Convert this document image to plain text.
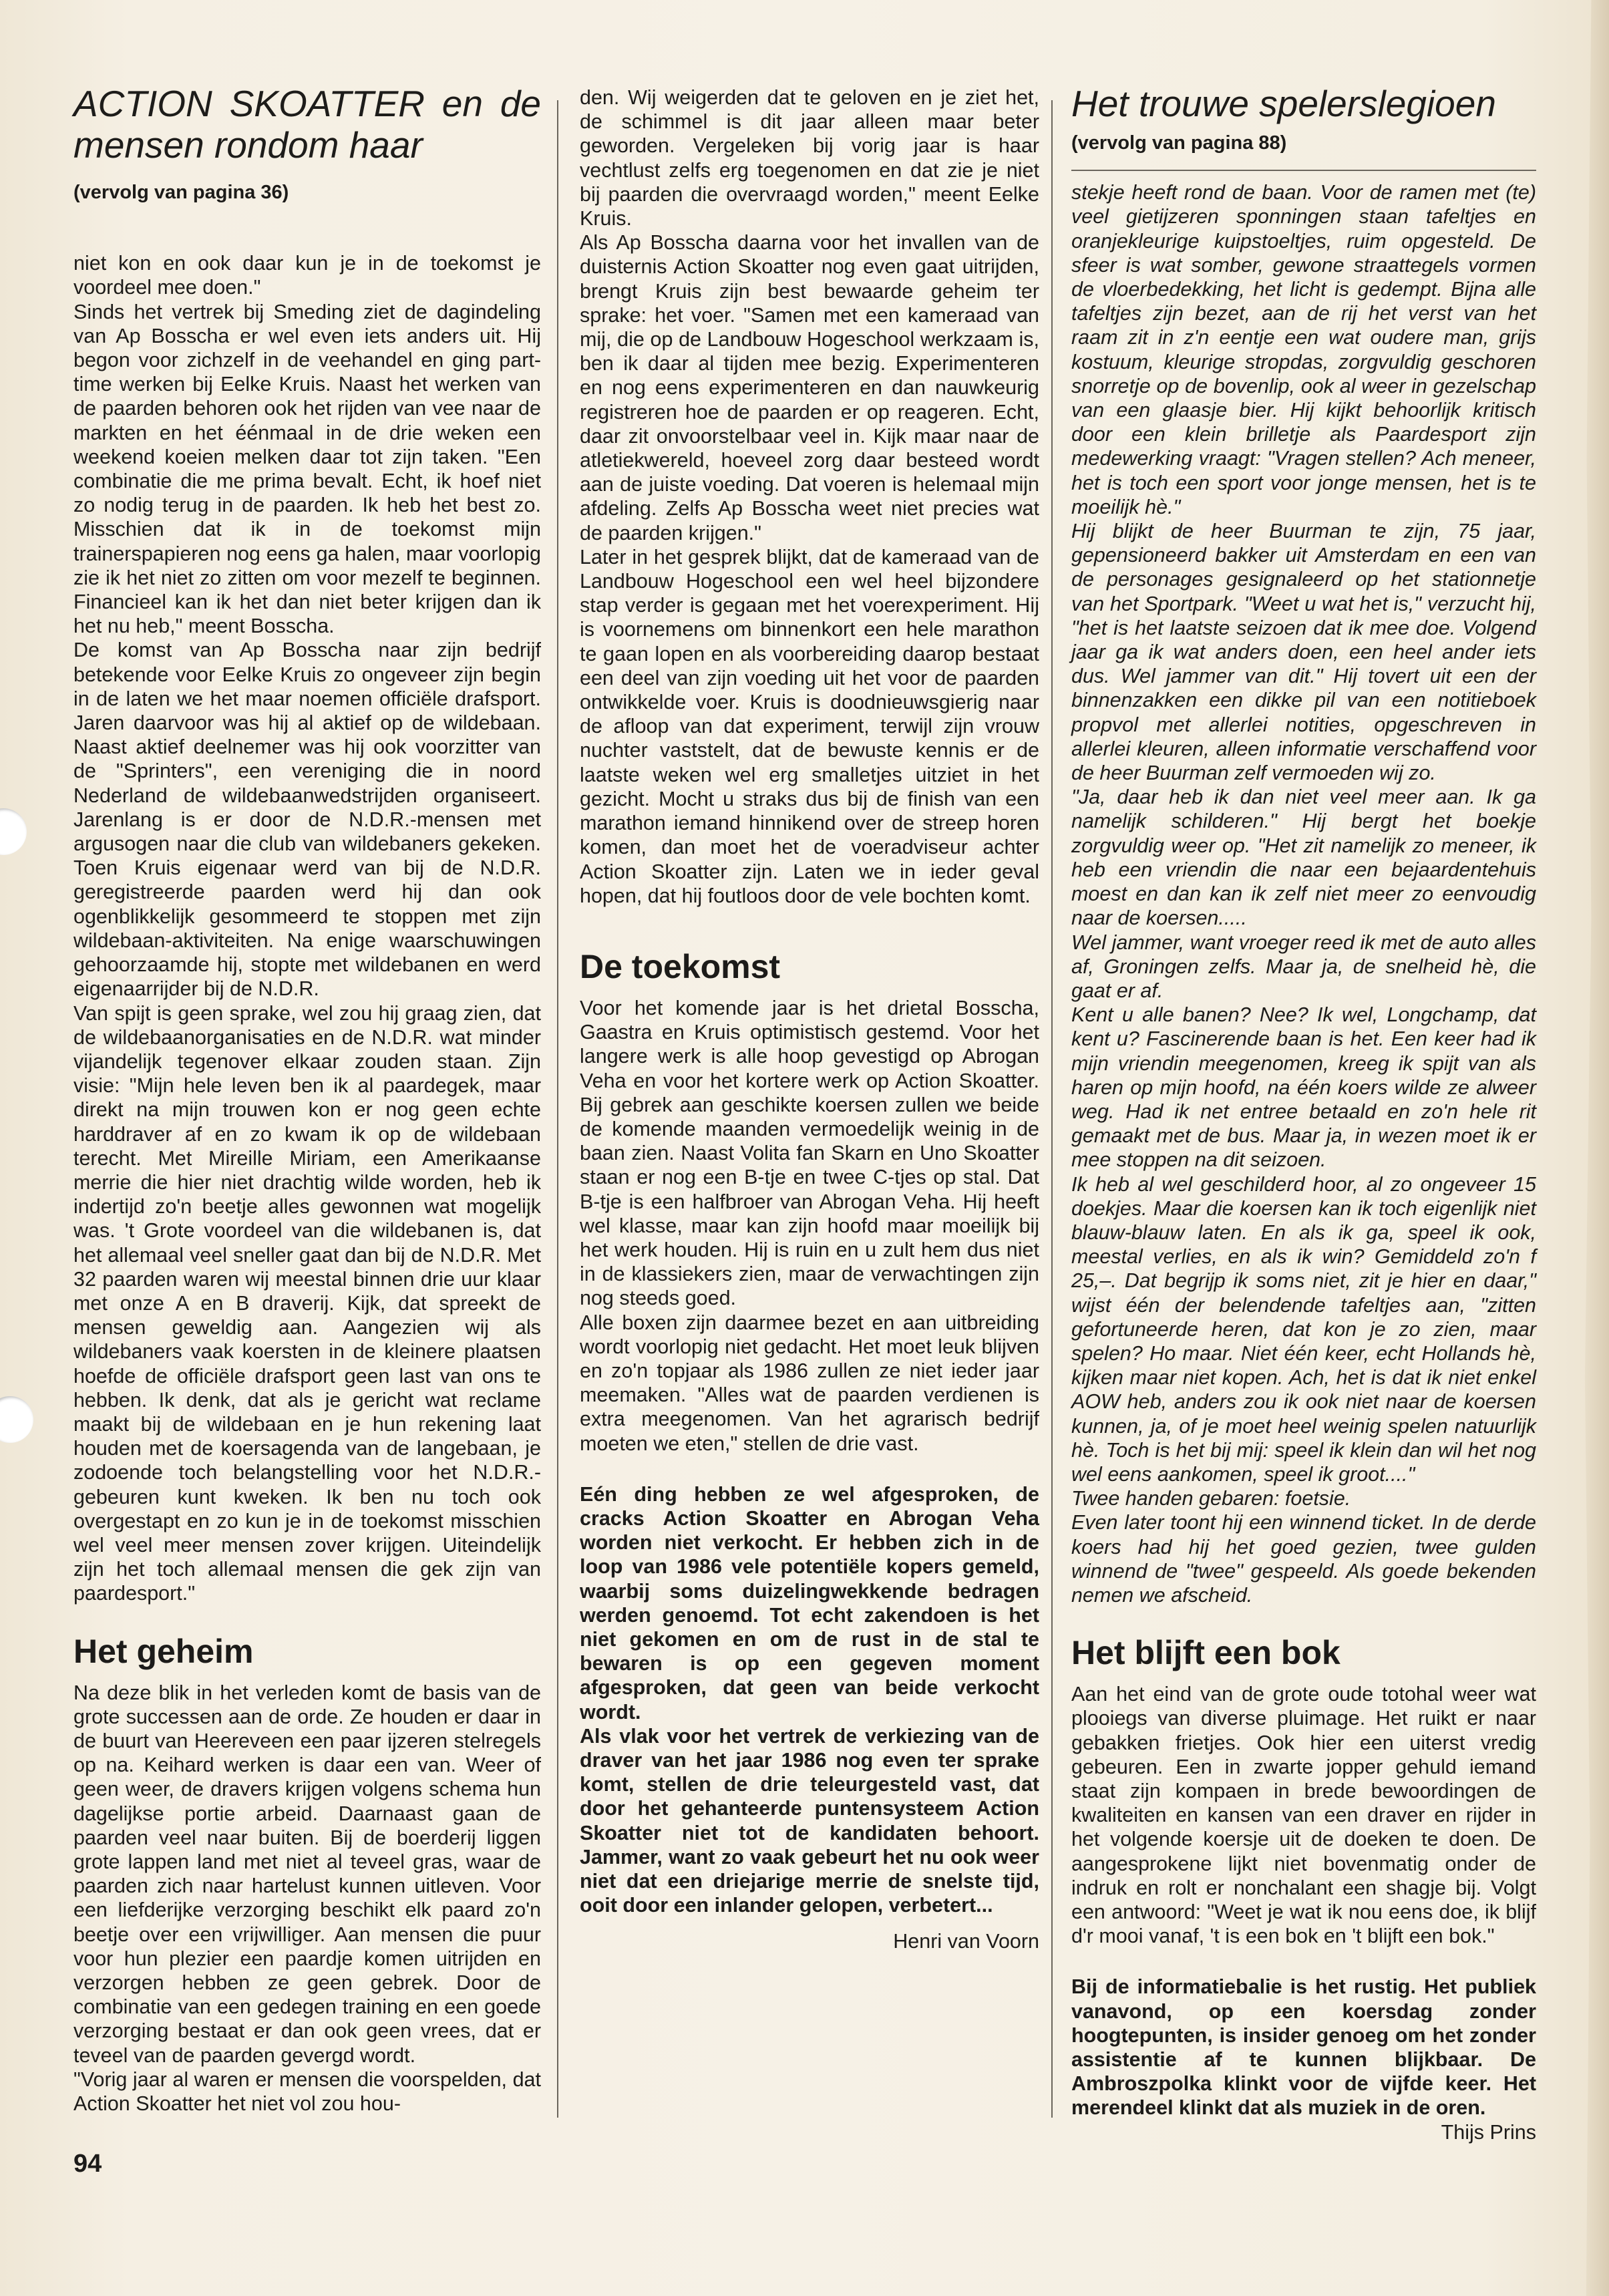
ACTION SKOATTER en de mensen rondom haar
(vervolg van pagina 36)

niet kon en ook daar kun je in de toekomst je voordeel mee doen."

Sinds het vertrek bij Smeding ziet de dagindeling van Ap Bosscha er wel even iets anders uit. Hij begon voor zichzelf in de veehandel en ging part-time werken bij Eelke Kruis. Naast het werken van de paarden behoren ook het rijden van vee naar de markten en het éénmaal in de drie weken een weekend koeien melken daar tot zijn taken. "Een combinatie die me prima bevalt. Echt, ik hoef niet zo nodig terug in de paarden. Ik heb het best zo. Misschien dat ik in de toekomst mijn trainerspapieren nog eens ga halen, maar voorlopig zie ik het niet zo zitten om voor mezelf te beginnen. Financieel kan ik het dan niet beter krijgen dan ik het nu heb," meent Bosscha.

De komst van Ap Bosscha naar zijn bedrijf betekende voor Eelke Kruis zo ongeveer zijn begin in de laten we het maar noemen officiële drafsport. Jaren daarvoor was hij al aktief op de wildebaan. Naast aktief deelnemer was hij ook voorzitter van de "Sprinters", een vereniging die in noord Nederland de wildebaanwedstrijden organiseert. Jarenlang is er door de N.D.R.-mensen met argusogen naar die club van wildebaners gekeken. Toen Kruis eigenaar werd van bij de N.D.R. geregistreerde paarden werd hij dan ook ogenblikkelijk gesommeerd te stoppen met zijn wildebaan-aktiviteiten. Na enige waarschuwingen gehoorzaamde hij, stopte met wildebanen en werd eigenaarrijder bij de N.D.R.

Van spijt is geen sprake, wel zou hij graag zien, dat de wildebaanorganisaties en de N.D.R. wat minder vijandelijk tegenover elkaar zouden staan. Zijn visie: "Mijn hele leven ben ik al paardegek, maar direkt na mijn trouwen kon er nog geen echte harddraver af en zo kwam ik op de wildebaan terecht. Met Mireille Miriam, een Amerikaanse merrie die hier niet drachtig wilde worden, heb ik indertijd zo'n beetje alles gewonnen wat mogelijk was. 't Grote voordeel van die wildebanen is, dat het allemaal veel sneller gaat dan bij de N.D.R. Met 32 paarden waren wij meestal binnen drie uur klaar met onze A en B draverij. Kijk, dat spreekt de mensen geweldig aan. Aangezien wij als wildebaners vaak koersten in de kleinere plaatsen hoefde de officiële drafsport geen last van ons te hebben. Ik denk, dat als je gericht wat reclame maakt bij de wildebaan en je hun rekening laat houden met de koersagenda van de langebaan, je zodoende toch belangstelling voor het N.D.R.-gebeuren kunt kweken. Ik ben nu toch ook overgestapt en zo kun je in de toekomst misschien wel veel meer mensen zover krijgen. Uiteindelijk zijn het toch allemaal mensen die gek zijn van paardesport."

Het geheim

Na deze blik in het verleden komt de basis van de grote successen aan de orde. Ze houden er daar in de buurt van Heereveen een paar ijzeren stelregels op na. Keihard werken is daar een van. Weer of geen weer, de dravers krijgen volgens schema hun dagelijkse portie arbeid. Daarnaast gaan de paarden veel naar buiten. Bij de boerderij liggen grote lappen land met niet al teveel gras, waar de paarden zich naar hartelust kunnen uitleven. Voor een liefderijke verzorging beschikt elk paard zo'n beetje over een vrijwilliger. Aan mensen die puur voor hun plezier een paardje komen uitrijden en verzorgen hebben ze geen gebrek. Door de combinatie van een gedegen training en een goede verzorging bestaat er dan ook geen vrees, dat er teveel van de paarden gevergd wordt.

"Vorig jaar al waren er mensen die voorspelden, dat Action Skoatter het niet vol zou hou-

94

den. Wij weigerden dat te geloven en je ziet het, de schimmel is dit jaar alleen maar beter geworden. Vergeleken bij vorig jaar is haar vechtlust zelfs erg toegenomen en dat zie je niet bij paarden die overvraagd worden," meent Eelke Kruis.

Als Ap Bosscha daarna voor het invallen van de duisternis Action Skoatter nog even gaat uitrijden, brengt Kruis zijn best bewaarde geheim ter sprake: het voer. "Samen met een kameraad van mij, die op de Landbouw Hogeschool werkzaam is, ben ik daar al tijden mee bezig. Experimenteren en nog eens experimenteren en dan nauwkeurig registreren hoe de paarden er op reageren. Echt, daar zit onvoorstelbaar veel in. Kijk maar naar de atletiekwereld, hoeveel zorg daar besteed wordt aan de juiste voeding. Dat voeren is helemaal mijn afdeling. Zelfs Ap Bosscha weet niet precies wat de paarden krijgen."

Later in het gesprek blijkt, dat de kameraad van de Landbouw Hogeschool een wel heel bijzondere stap verder is gegaan met het voerexperiment. Hij is voornemens om binnenkort een hele marathon te gaan lopen en als voorbereiding daarop bestaat een deel van zijn voeding uit het voor de paarden ontwikkelde voer. Kruis is doodnieuwsgierig naar de afloop van dat experiment, terwijl zijn vrouw nuchter vaststelt, dat de bewuste kennis er de laatste weken wel erg smalletjes uitziet in het gezicht. Mocht u straks dus bij de finish van een marathon iemand hinnikend over de streep horen komen, dan moet het de voeradviseur achter Action Skoatter zijn. Laten we in ieder geval hopen, dat hij foutloos door de vele bochten komt.

De toekomst

Voor het komende jaar is het drietal Bosscha, Gaastra en Kruis optimistisch gestemd. Voor het langere werk is alle hoop gevestigd op Abrogan Veha en voor het kortere werk op Action Skoatter. Bij gebrek aan geschikte koersen zullen we beide de komende maanden vermoedelijk weinig in de baan zien. Naast Volita fan Skarn en Uno Skoatter staan er nog een B-tje en twee C-tjes op stal. Dat B-tje is een halfbroer van Abrogan Veha. Hij heeft wel klasse, maar kan zijn hoofd maar moeilijk bij het werk houden. Hij is ruin en u zult hem dus niet in de klassiekers zien, maar de verwachtingen zijn nog steeds goed.

Alle boxen zijn daarmee bezet en aan uitbreiding wordt voorlopig niet gedacht. Het moet leuk blijven en zo'n topjaar als 1986 zullen ze niet ieder jaar meemaken. "Alles wat de paarden verdienen is extra meegenomen. Van het agrarisch bedrijf moeten we eten," stellen de drie vast.

Eén ding hebben ze wel afgesproken, de cracks Action Skoatter en Abrogan Veha worden niet verkocht. Er hebben zich in de loop van 1986 vele potentiële kopers gemeld, waarbij soms duizelingwekkende bedragen werden genoemd. Tot echt zakendoen is het niet gekomen en om de rust in de stal te bewaren is op een gegeven moment afgesproken, dat geen van beide verkocht wordt.

Als vlak voor het vertrek de verkiezing van de draver van het jaar 1986 nog even ter sprake komt, stellen de drie teleurgesteld vast, dat door het gehanteerde puntensysteem Action Skoatter niet tot de kandidaten behoort. Jammer, want zo vaak gebeurt het nu ook weer niet dat een driejarige merrie de snelste tijd, ooit door een inlander gelopen, verbetert...

Henri van Voorn

Het trouwe spelerslegioen
(vervolg van pagina 88)

stekje heeft rond de baan. Voor de ramen met (te) veel gietijzeren sponningen staan tafeltjes en oranjekleurige kuipstoeltjes, ruim opgesteld. De sfeer is wat somber, gewone straattegels vormen de vloerbedekking, het licht is gedempt. Bijna alle tafeltjes zijn bezet, aan de rij het verst van het raam zit in z'n eentje een wat oudere man, grijs kostuum, kleurige stropdas, zorgvuldig geschoren snorretje op de bovenlip, ook al weer in gezelschap van een glaasje bier. Hij kijkt behoorlijk kritisch door een klein brilletje als Paardesport zijn medewerking vraagt: "Vragen stellen? Ach meneer, het is toch een sport voor jonge mensen, het is te moeilijk hè."

Hij blijkt de heer Buurman te zijn, 75 jaar, gepensioneerd bakker uit Amsterdam en een van de personages gesignaleerd op het stationnetje van het Sportpark. "Weet u wat het is," verzucht hij, "het is het laatste seizoen dat ik mee doe. Volgend jaar ga ik wat anders doen, een heel ander iets dus. Wel jammer van dit." Hij tovert uit een der binnenzakken een dikke pil van een notitieboek propvol met allerlei notities, opgeschreven in allerlei kleuren, alleen informatie verschaffend voor de heer Buurman zelf vermoeden wij zo.

"Ja, daar heb ik dan niet veel meer aan. Ik ga namelijk schilderen." Hij bergt het boekje zorgvuldig weer op. "Het zit namelijk zo meneer, ik heb een vriendin die naar een bejaardentehuis moest en dan kan ik zelf niet meer zo eenvoudig naar de koersen.....

Wel jammer, want vroeger reed ik met de auto alles af, Groningen zelfs. Maar ja, de snelheid hè, die gaat er af.

Kent u alle banen? Nee? Ik wel, Longchamp, dat kent u? Fascinerende baan is het. Een keer had ik mijn vriendin meegenomen, kreeg ik spijt van als haren op mijn hoofd, na één koers wilde ze alweer weg. Had ik net entree betaald en zo'n hele rit gemaakt met de bus. Maar ja, in wezen moet ik er mee stoppen na dit seizoen.

Ik heb al wel geschilderd hoor, al zo ongeveer 15 doekjes. Maar die koersen kan ik toch eigenlijk niet blauw-blauw laten. En als ik ga, speel ik ook, meestal verlies, en als ik win? Gemiddeld zo'n f 25,–. Dat begrijp ik soms niet, zit je hier en daar," wijst één der belendende tafeltjes aan, "zitten gefortuneerde heren, dat kon je zo zien, maar spelen? Ho maar. Niet één keer, echt Hollands hè, kijken maar niet kopen. Ach, het is dat ik niet enkel AOW heb, anders zou ik ook niet naar de koersen kunnen, ja, of je moet heel weinig spelen natuurlijk hè. Toch is het bij mij: speel ik klein dan wil het nog wel eens aankomen, speel ik groot...."

Twee handen gebaren: foetsie.

Even later toont hij een winnend ticket. In de derde koers had hij het goed gezien, twee gulden winnend de "twee" gespeeld. Als goede bekenden nemen we afscheid.

Het blijft een bok

Aan het eind van de grote oude totohal weer wat plooiegs van diverse pluimage. Het ruikt er naar gebakken frietjes. Ook hier een uiterst vredig gebeuren. Een in zwarte jopper gehuld iemand staat zijn kompaen in brede bewoordingen de kwaliteiten en kansen van een draver en rijder in het volgende koersje uit de doeken te doen. De aangesprokene lijkt niet bovenmatig onder de indruk en rolt er nonchalant een shagje bij. Volgt een antwoord: "Weet je wat ik nou eens doe, ik blijf d'r mooi vanaf, 't is een bok en 't blijft een bok."

Bij de informatiebalie is het rustig. Het publiek vanavond, op een koersdag zonder hoogtepunten, is insider genoeg om het zonder assistentie af te kunnen blijkbaar. De Ambroszpolka klinkt voor de vijfde keer. Het merendeel klinkt dat als muziek in de oren.

Thijs Prins
